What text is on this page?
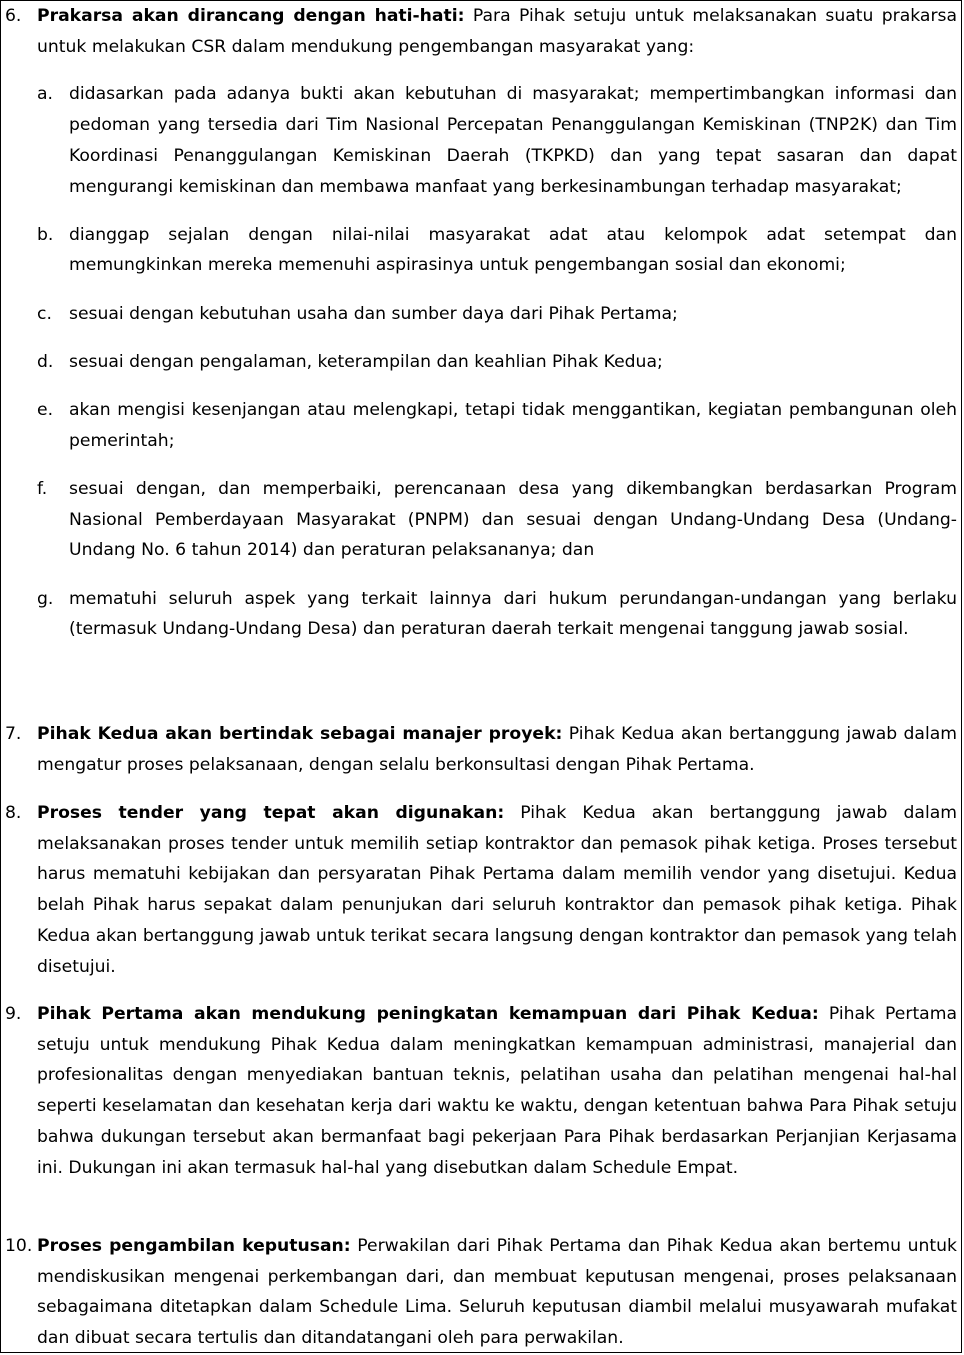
6. Prakarsa akan dirancang dengan hati-hati: Para Pihak setuju untuk melaksanakan suatu prakarsa untuk melakukan CSR dalam mendukung pengembangan masyarakat yang:
a. didasarkan pada adanya bukti akan kebutuhan di masyarakat; mempertimbangkan informasi dan pedoman yang tersedia dari Tim Nasional Percepatan Penanggulangan Kemiskinan (TNP2K) dan Tim Koordinasi Penanggulangan Kemiskinan Daerah (TKPKD) dan yang tepat sasaran dan dapat mengurangi kemiskinan dan membawa manfaat yang berkesinambungan terhadap masyarakat;
b. dianggap sejalan dengan nilai-nilai masyarakat adat atau kelompok adat setempat dan memungkinkan mereka memenuhi aspirasinya untuk pengembangan sosial dan ekonomi;
c. sesuai dengan kebutuhan usaha dan sumber daya dari Pihak Pertama;
d. sesuai dengan pengalaman, keterampilan dan keahlian Pihak Kedua;
e. akan mengisi kesenjangan atau melengkapi, tetapi tidak menggantikan, kegiatan pembangunan oleh pemerintah;
f. sesuai dengan, dan memperbaiki, perencanaan desa yang dikembangkan berdasarkan Program Nasional Pemberdayaan Masyarakat (PNPM) dan sesuai dengan Undang-Undang Desa (Undang-Undang No. 6 tahun 2014) dan peraturan pelaksananya; dan
g. mematuhi seluruh aspek yang terkait lainnya dari hukum perundangan-undangan yang berlaku (termasuk Undang-Undang Desa) dan peraturan daerah terkait mengenai tanggung jawab sosial.
7. Pihak Kedua akan bertindak sebagai manajer proyek: Pihak Kedua akan bertanggung jawab dalam mengatur proses pelaksanaan, dengan selalu berkonsultasi dengan Pihak Pertama.
8. Proses tender yang tepat akan digunakan: Pihak Kedua akan bertanggung jawab dalam melaksanakan proses tender untuk memilih setiap kontraktor dan pemasok pihak ketiga. Proses tersebut harus mematuhi kebijakan dan persyaratan Pihak Pertama dalam memilih vendor yang disetujui. Kedua belah Pihak harus sepakat dalam penunjukan dari seluruh kontraktor dan pemasok pihak ketiga. Pihak Kedua akan bertanggung jawab untuk terikat secara langsung dengan kontraktor dan pemasok yang telah disetujui.
9. Pihak Pertama akan mendukung peningkatan kemampuan dari Pihak Kedua: Pihak Pertama setuju untuk mendukung Pihak Kedua dalam meningkatkan kemampuan administrasi, manajerial dan profesionalitas dengan menyediakan bantuan teknis, pelatihan usaha dan pelatihan mengenai hal-hal seperti keselamatan dan kesehatan kerja dari waktu ke waktu, dengan ketentuan bahwa Para Pihak setuju bahwa dukungan tersebut akan bermanfaat bagi pekerjaan Para Pihak berdasarkan Perjanjian Kerjasama ini. Dukungan ini akan termasuk hal-hal yang disebutkan dalam Schedule Empat.
10. Proses pengambilan keputusan: Perwakilan dari Pihak Pertama dan Pihak Kedua akan bertemu untuk mendiskusikan mengenai perkembangan dari, dan membuat keputusan mengenai, proses pelaksanaan sebagaimana ditetapkan dalam Schedule Lima. Seluruh keputusan diambil melalui musyawarah mufakat dan dibuat secara tertulis dan ditandatangani oleh para perwakilan.
